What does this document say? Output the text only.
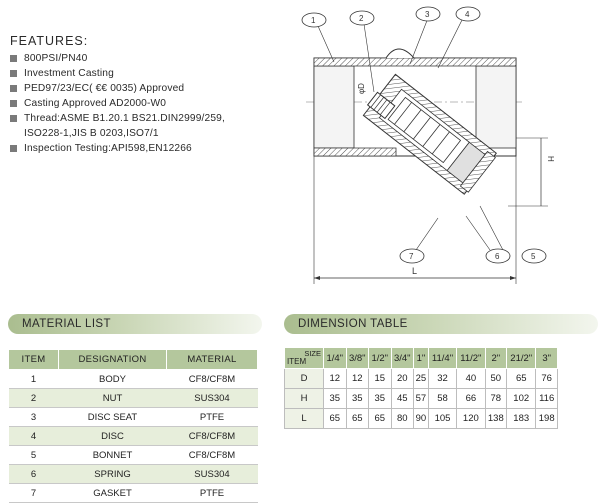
FEATURES:
800PSI/PN40
Investment Casting
PED97/23/EC( €€ 0035) Approved
Casting Approved AD2000-W0
Thread:ASME B1.20.1 BS21.DIN2999/259,
ISO228-1,JIS B 0203,ISO7/1
Inspection Testing:API598,EN12266
H
L
φD
1	2	3	4
5
6
7
MATERIAL LIST	DIMENSION TABLE
ITEM	DESIGNATION	MATERIAL
1	BODY	CF8/CF8M
2	NUT	SUS304
3	DISC SEAT	PTFE
4	DISC	CF8/CF8M
5	BONNET	CF8/CF8M
6	SPRING	SUS304
7	GASKET	PTFE
SIZE
ITEM	1/4"	3/8"	1/2"	3/4"	1"	11/4"	11/2"	2"	21/2"	3"
D	12	12	15	20	25	32	40	50	65	76
H	35	35	35	45	57	58	66	78	102	116
L	65	65	65	80	90	105	120	138	183	198
